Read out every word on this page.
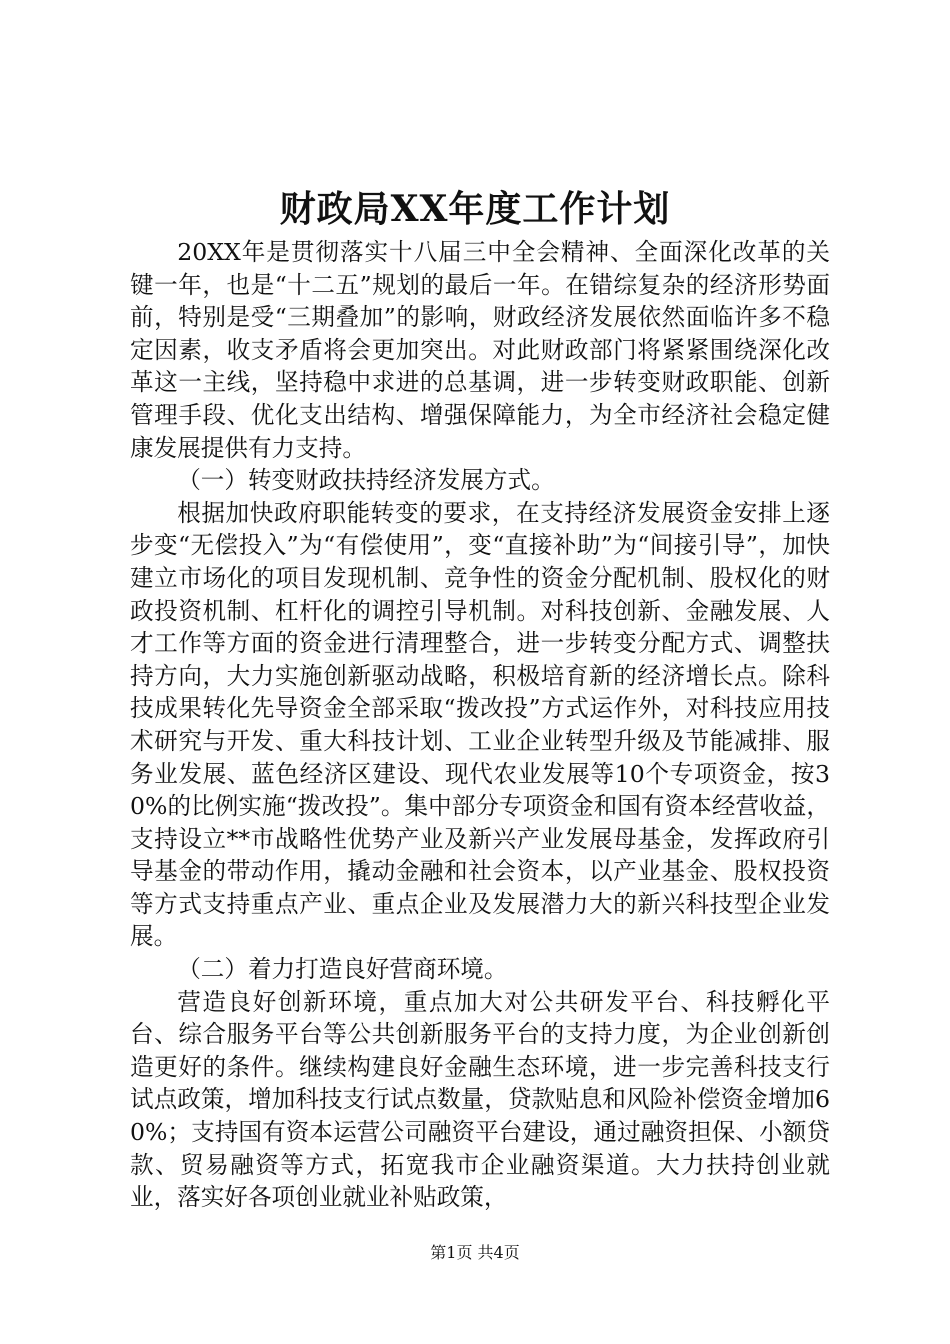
财政局XX年度工作计划

20XX年是贯彻落实十八届三中全会精神、全面深化改革的关键一年，也是“十二五”规划的最后一年。在错综复杂的经济形势面前，特别是受“三期叠加”的影响，财政经济发展依然面临许多不稳定因素，收支矛盾将会更加突出。对此财政部门将紧紧围绕深化改革这一主线，坚持稳中求进的总基调，进一步转变财政职能、创新管理手段、优化支出结构、增强保障能力，为全市经济社会稳定健康发展提供有力支持。

（一）转变财政扶持经济发展方式。

根据加快政府职能转变的要求，在支持经济发展资金安排上逐步变“无偿投入”为“有偿使用”，变“直接补助”为“间接引导”，加快建立市场化的项目发现机制、竞争性的资金分配机制、股权化的财政投资机制、杠杆化的调控引导机制。对科技创新、金融发展、人才工作等方面的资金进行清理整合，进一步转变分配方式、调整扶持方向，大力实施创新驱动战略，积极培育新的经济增长点。除科技成果转化先导资金全部采取“拨改投”方式运作外，对科技应用技术研究与开发、重大科技计划、工业企业转型升级及节能减排、服务业发展、蓝色经济区建设、现代农业发展等10个专项资金，按30%的比例实施“拨改投”。集中部分专项资金和国有资本经营收益，支持设立**市战略性优势产业及新兴产业发展母基金，发挥政府引导基金的带动作用，撬动金融和社会资本，以产业基金、股权投资等方式支持重点产业、重点企业及发展潜力大的新兴科技型企业发展。

（二）着力打造良好营商环境。

营造良好创新环境，重点加大对公共研发平台、科技孵化平台、综合服务平台等公共创新服务平台的支持力度，为企业创新创造更好的条件。继续构建良好金融生态环境，进一步完善科技支行试点政策，增加科技支行试点数量，贷款贴息和风险补偿资金增加60%；支持国有资本运营公司融资平台建设，通过融资担保、小额贷款、贸易融资等方式，拓宽我市企业融资渠道。大力扶持创业就业，落实好各项创业就业补贴政策，

第1页 共4页
